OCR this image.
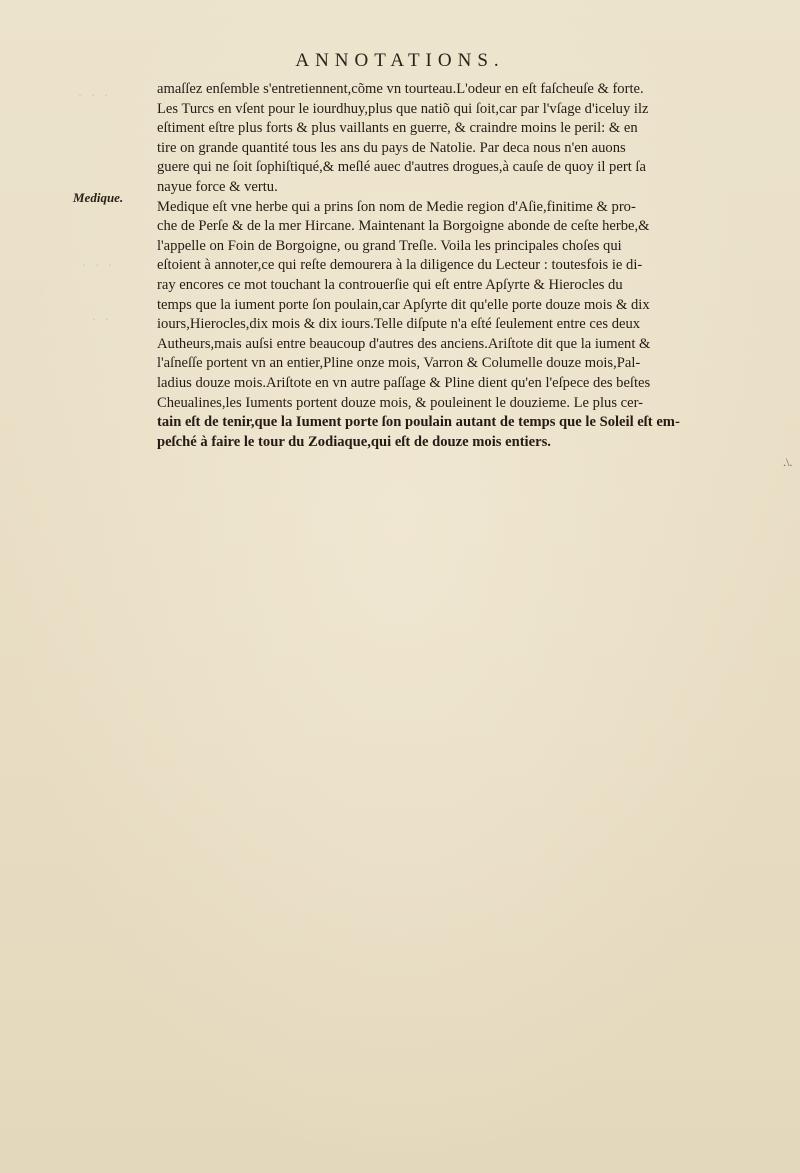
ANNOTATIONS.
Medique.
amaſſez enſemble s'entretiennent,cõme vn tourteau.L'odeur en eſt faſcheuſe & forte.
Les Turcs en vſent pour le iourdhuy,plus que natiõ qui ſoit,car par l'vſage d'iceluy ilz
eſtiment eſtre plus forts & plus vaillants en guerre, & craindre moins le peril: & en
tire on grande quantité tous les ans du pays de Natolie. Par deca nous n'en auons
guere qui ne ſoit ſophiſtiqué,& meſlé auec d'autres drogues,à cauſe de quoy il pert ſa
nayue force & vertu.
Medique eſt vne herbe qui a prins ſon nom de Medie region d'Aſie,finitime & pro-
che de Perſe & de la mer Hircane. Maintenant la Borgoigne abonde de ceſte herbe,&
l'appelle on Foin de Borgoigne, ou grand Treſle. Voila les principales choſes qui
eſtoient à annoter,ce qui reſte demourera à la diligence du Lecteur : toutesfois ie di-
ray encores ce mot touchant la controuerſie qui eſt entre Apſyrte & Hierocles du
temps que la iument porte ſon poulain,car Apſyrte dit qu'elle porte douze mois & dix
iours,Hierocles,dix mois & dix iours.Telle diſpute n'a eſté ſeulement entre ces deux
Autheurs,mais auſsi entre beaucoup d'autres des anciens.Ariſtote dit que la iument &
l'aſneſſe portent vn an entier,Pline onze mois, Varron & Columelle douze mois,Pal-
ladius douze mois.Ariſtote en vn autre paſſage & Pline dient qu'en l'eſpece des beſtes
Cheualines,les Iuments portent douze mois, & pouleinent le douzieme. Le plus cer-
tain eſt de tenir,que la Iument porte ſon poulain autant de temps que le Soleil eſt em-
peſché à faire le tour du Zodiaque,qui eſt de douze mois entiers.
.\.
· · ·
· · ·
· ·
